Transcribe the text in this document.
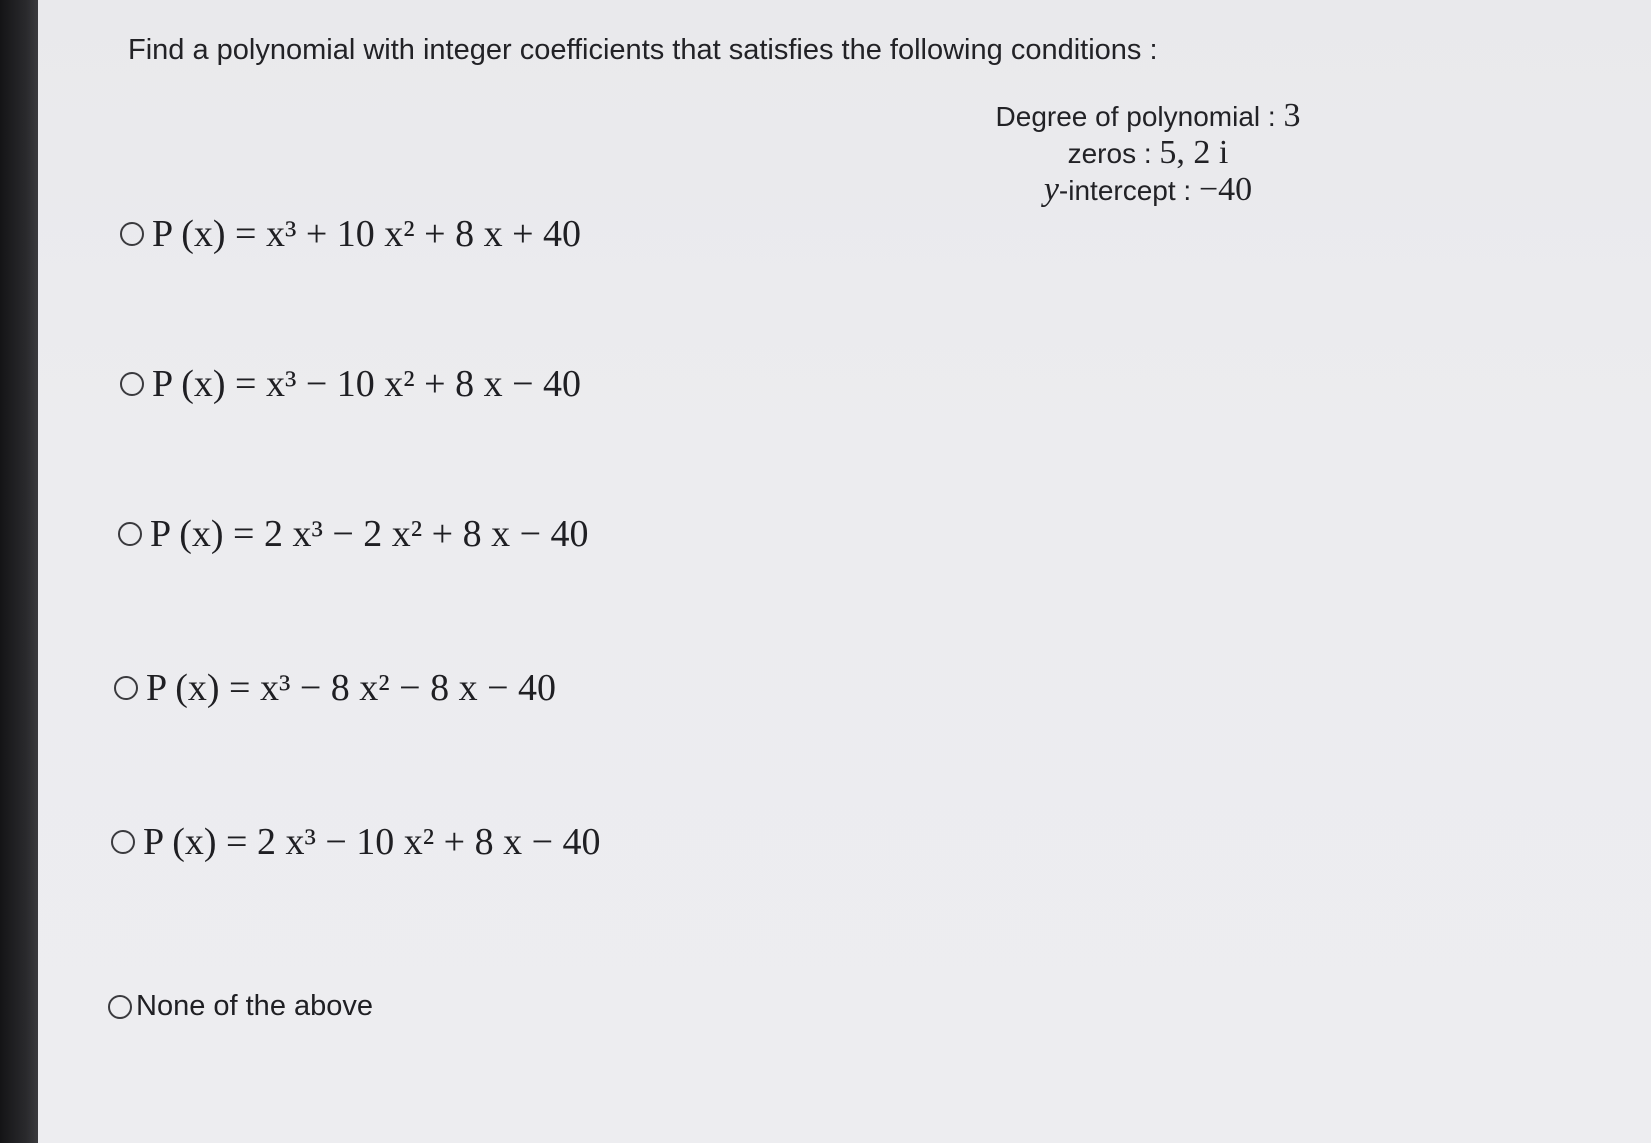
Find a polynomial with integer coefficients that satisfies the following conditions :
Degree of polynomial : 3
zeros : 5, 2 i
y-intercept : −40
P (x) = x³ + 10 x² + 8 x + 40
P (x) = x³ − 10 x² + 8 x − 40
P (x) = 2 x³ − 2 x² + 8 x − 40
P (x) = x³ − 8 x² − 8 x − 40
P (x) = 2 x³ − 10 x² + 8 x − 40
None of the above
